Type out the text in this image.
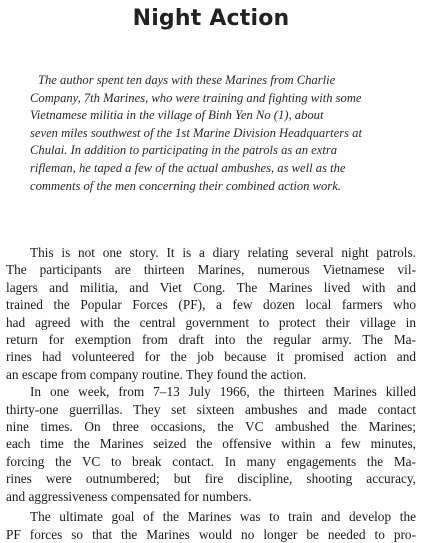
Night Action
The author spent ten days with these Marines from Charlie
Company, 7th Marines, who were training and fighting with some
Vietnamese militia in the village of Binh Yen No (1), about
seven miles southwest of the 1st Marine Division Headquarters at
Chulai. In addition to participating in the patrols as an extra
rifleman, he taped a few of the actual ambushes, as well as the
comments of the men concerning their combined action work.
This is not one story. It is a diary relating several night patrols.
The participants are thirteen Marines, numerous Vietnamese vil-
lagers and militia, and Viet Cong. The Marines lived with and
trained the Popular Forces (PF), a few dozen local farmers who
had agreed with the central government to protect their village in
return for exemption from draft into the regular army. The Ma-
rines had volunteered for the job because it promised action and
an escape from company routine. They found the action.
In one week, from 7–13 July 1966, the thirteen Marines killed
thirty-one guerrillas. They set sixteen ambushes and made contact
nine times. On three occasions, the VC ambushed the Marines;
each time the Marines seized the offensive within a few minutes,
forcing the VC to break contact. In many engagements the Ma-
rines were outnumbered; but fire discipline, shooting accuracy,
and aggressiveness compensated for numbers.
The ultimate goal of the Marines was to train and develop the
PF forces so that the Marines would no longer be needed to pro-
